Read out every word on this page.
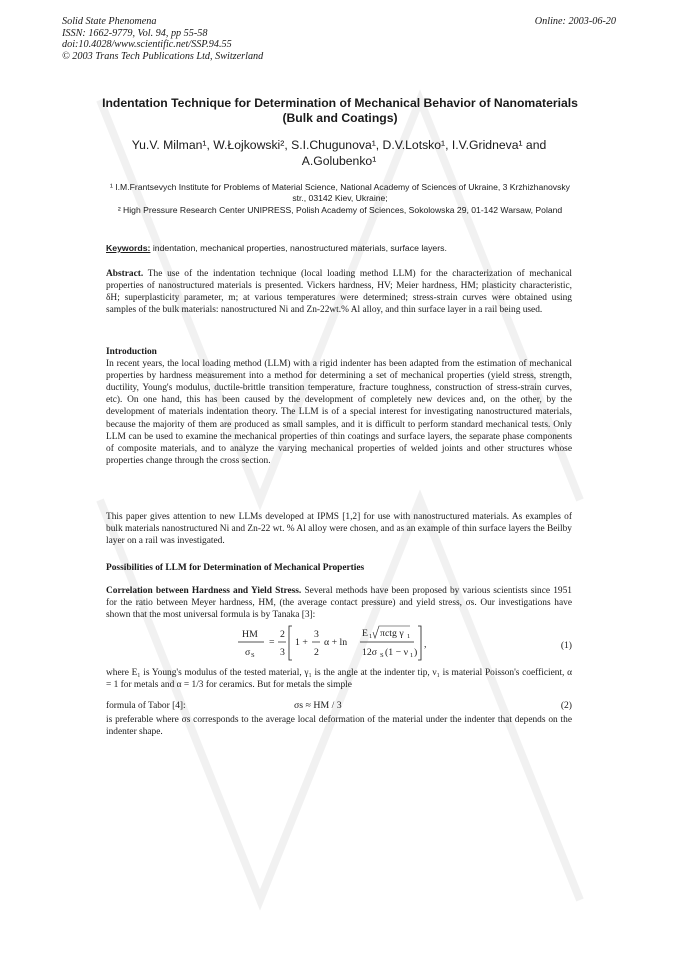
Solid State Phenomena
ISSN: 1662-9779, Vol. 94, pp 55-58
doi:10.4028/www.scientific.net/SSP.94.55
© 2003 Trans Tech Publications Ltd, Switzerland
Online: 2003-06-20
Indentation Technique for Determination of Mechanical Behavior of Nanomaterials (Bulk and Coatings)
Yu.V. Milman¹, W.Łojkowski², S.I.Chugunova¹, D.V.Lotsko¹, I.V.Gridneva¹ and A.Golubenko¹
¹ I.M.Frantsevych Institute for Problems of Material Science, National Academy of Sciences of Ukraine, 3 Krzhizhanovsky str., 03142 Kiev, Ukraine;
² High Pressure Research Center UNIPRESS, Polish Academy of Sciences, Sokolowska 29, 01-142 Warsaw, Poland
Keywords: indentation, mechanical properties, nanostructured materials, surface layers.
Abstract. The use of the indentation technique (local loading method LLM) for the characterization of mechanical properties of nanostructured materials is presented. Vickers hardness, HV; Meier hardness, HM; plasticity characteristic, δH; superplasticity parameter, m; at various temperatures were determined; stress-strain curves were obtained using samples of the bulk materials: nanostructured Ni and Zn-22wt.% Al alloy, and thin surface layer in a rail being used.
Introduction
In recent years, the local loading method (LLM) with a rigid indenter has been adapted from the estimation of mechanical properties by hardness measurement into a method for determining a set of mechanical properties (yield stress, strength, ductility, Young's modulus, ductile-brittle transition temperature, fracture toughness, construction of stress-strain curves, etc). On one hand, this has been caused by the development of completely new devices and, on the other, by the development of materials indentation theory. The LLM is of a special interest for investigating nanostructured materials, because the majority of them are produced as small samples, and it is difficult to perform standard mechanical tests. Only LLM can be used to examine the mechanical properties of thin coatings and surface layers, the separate phase components of composite materials, and to analyze the varying mechanical properties of welded joints and other structures whose properties change through the cross section.
This paper gives attention to new LLMs developed at IPMS [1,2] for use with nanostructured materials. As examples of bulk materials nanostructured Ni and Zn-22 wt. % Al alloy were chosen, and as an example of thin surface layers the Beilby layer on a rail was investigated.
Possibilities of LLM for Determination of Mechanical Properties
Correlation between Hardness and Yield Stress. Several methods have been proposed by various scientists since 1951 for the ratio between Meyer hardness, HM, (the average contact pressure) and yield stress, σs. Our investigations have shown that the most universal formula is by Tanaka [3]:
HM
σ S
=
2
3
1 +
3
2
α + ln
E 1 πctg γ 1
12σ S (1 − ν 1 )
,	(1)
where E₁ is Young's modulus of the tested material, γ₁ is the angle at the indenter tip, ν₁ is material Poisson's coefficient, α = 1 for metals and α = 1/3 for ceramics. But for metals the simple
formula of Tabor [4]:	σs ≈ HM / 3	(2)
is preferable where σs corresponds to the average local deformation of the material under the indenter that depends on the indenter shape.
